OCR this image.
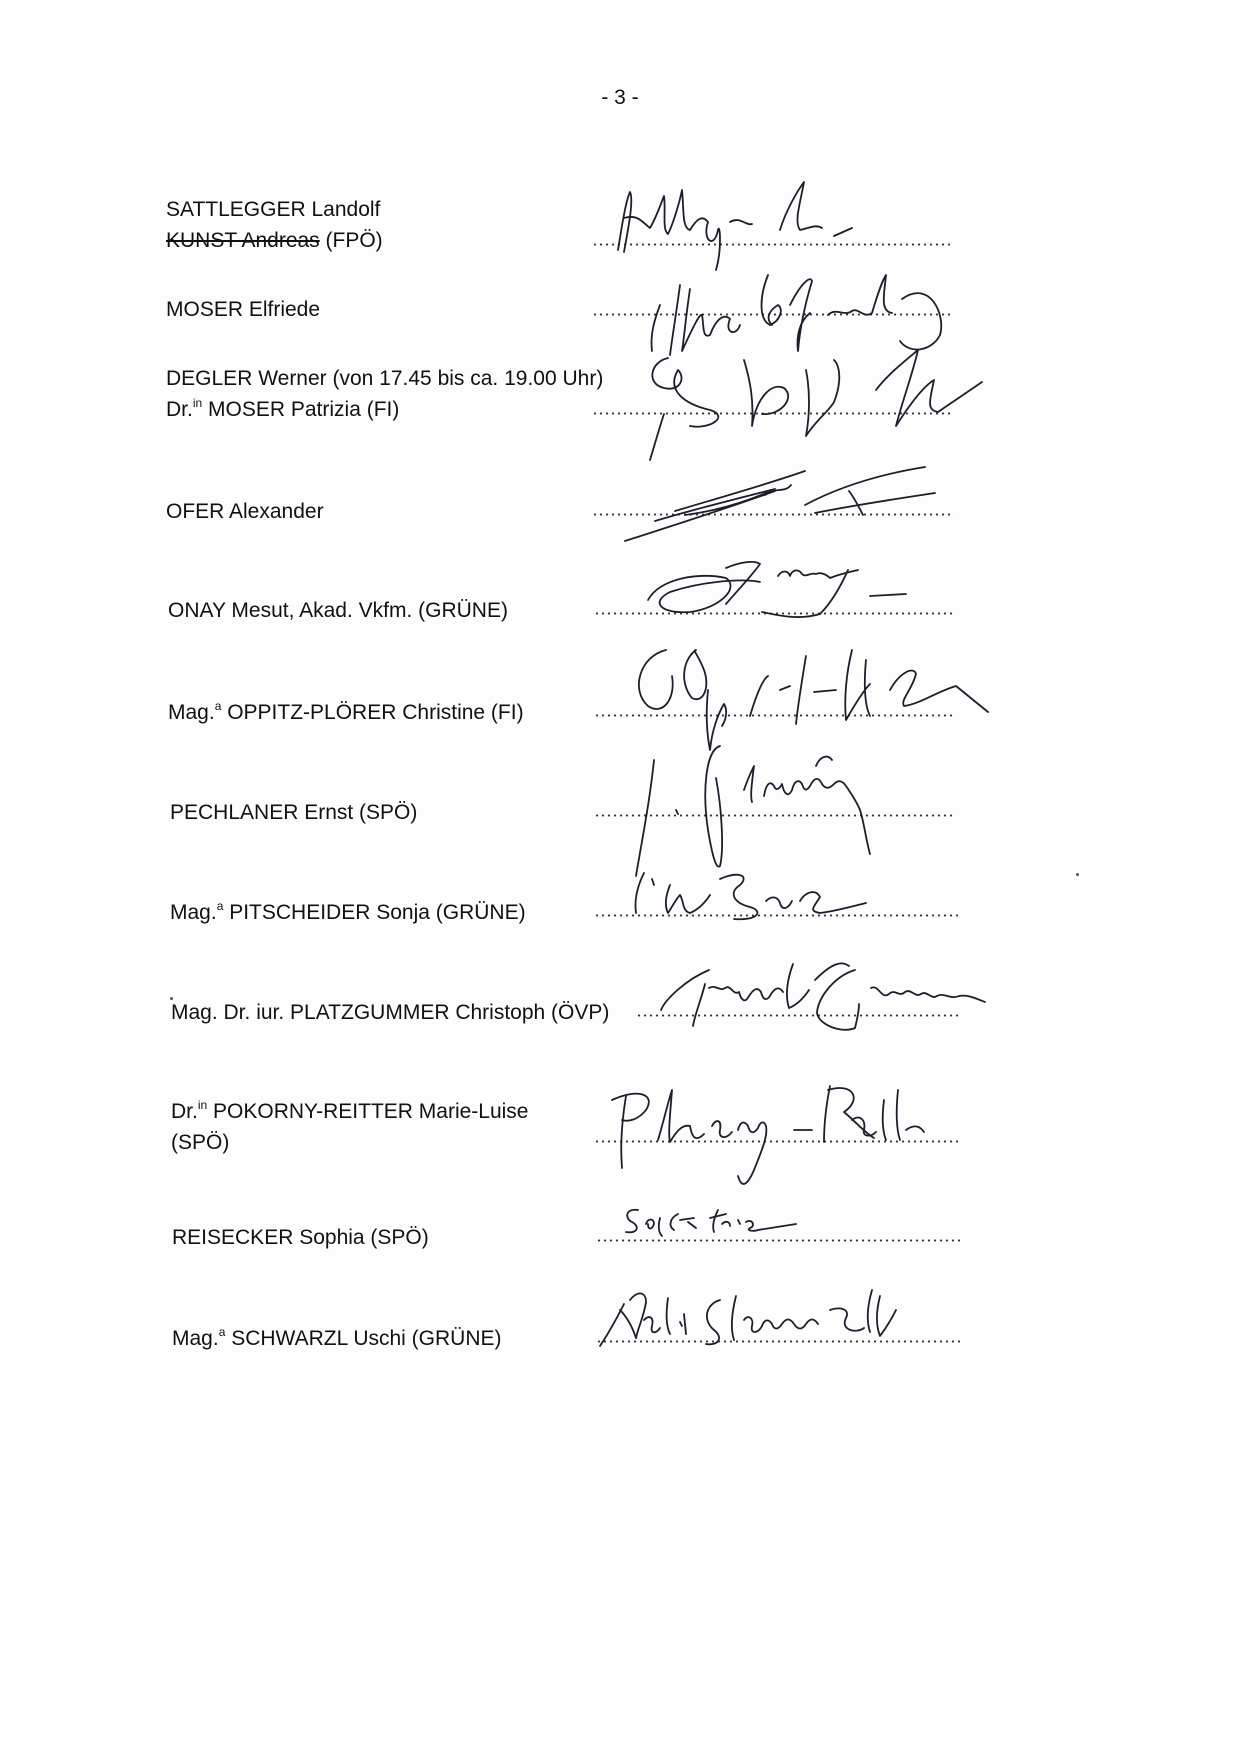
- 3 -
SATTLEGGER Landolf
KUNST Andreas (FPÖ)
MOSER Elfriede
DEGLER Werner (von 17.45 bis ca. 19.00 Uhr)
Dr.$^{in}$ MOSER Patrizia (FI)
OFER Alexander
ONAY Mesut, Akad. Vkfm. (GRÜNE)
Mag.$^a$ OPPITZ-PLÖRER Christine (FI)
PECHLANER Ernst (SPÖ)
Mag.$^a$ PITSCHEIDER Sonja (GRÜNE)
Mag. Dr. iur. PLATZGUMMER Christoph (ÖVP)
Dr.$^{in}$ POKORNY-REITTER Marie-Luise
(SPÖ)
REISECKER Sophia (SPÖ)
Mag.$^a$ SCHWARZL Uschi (GRÜNE)
